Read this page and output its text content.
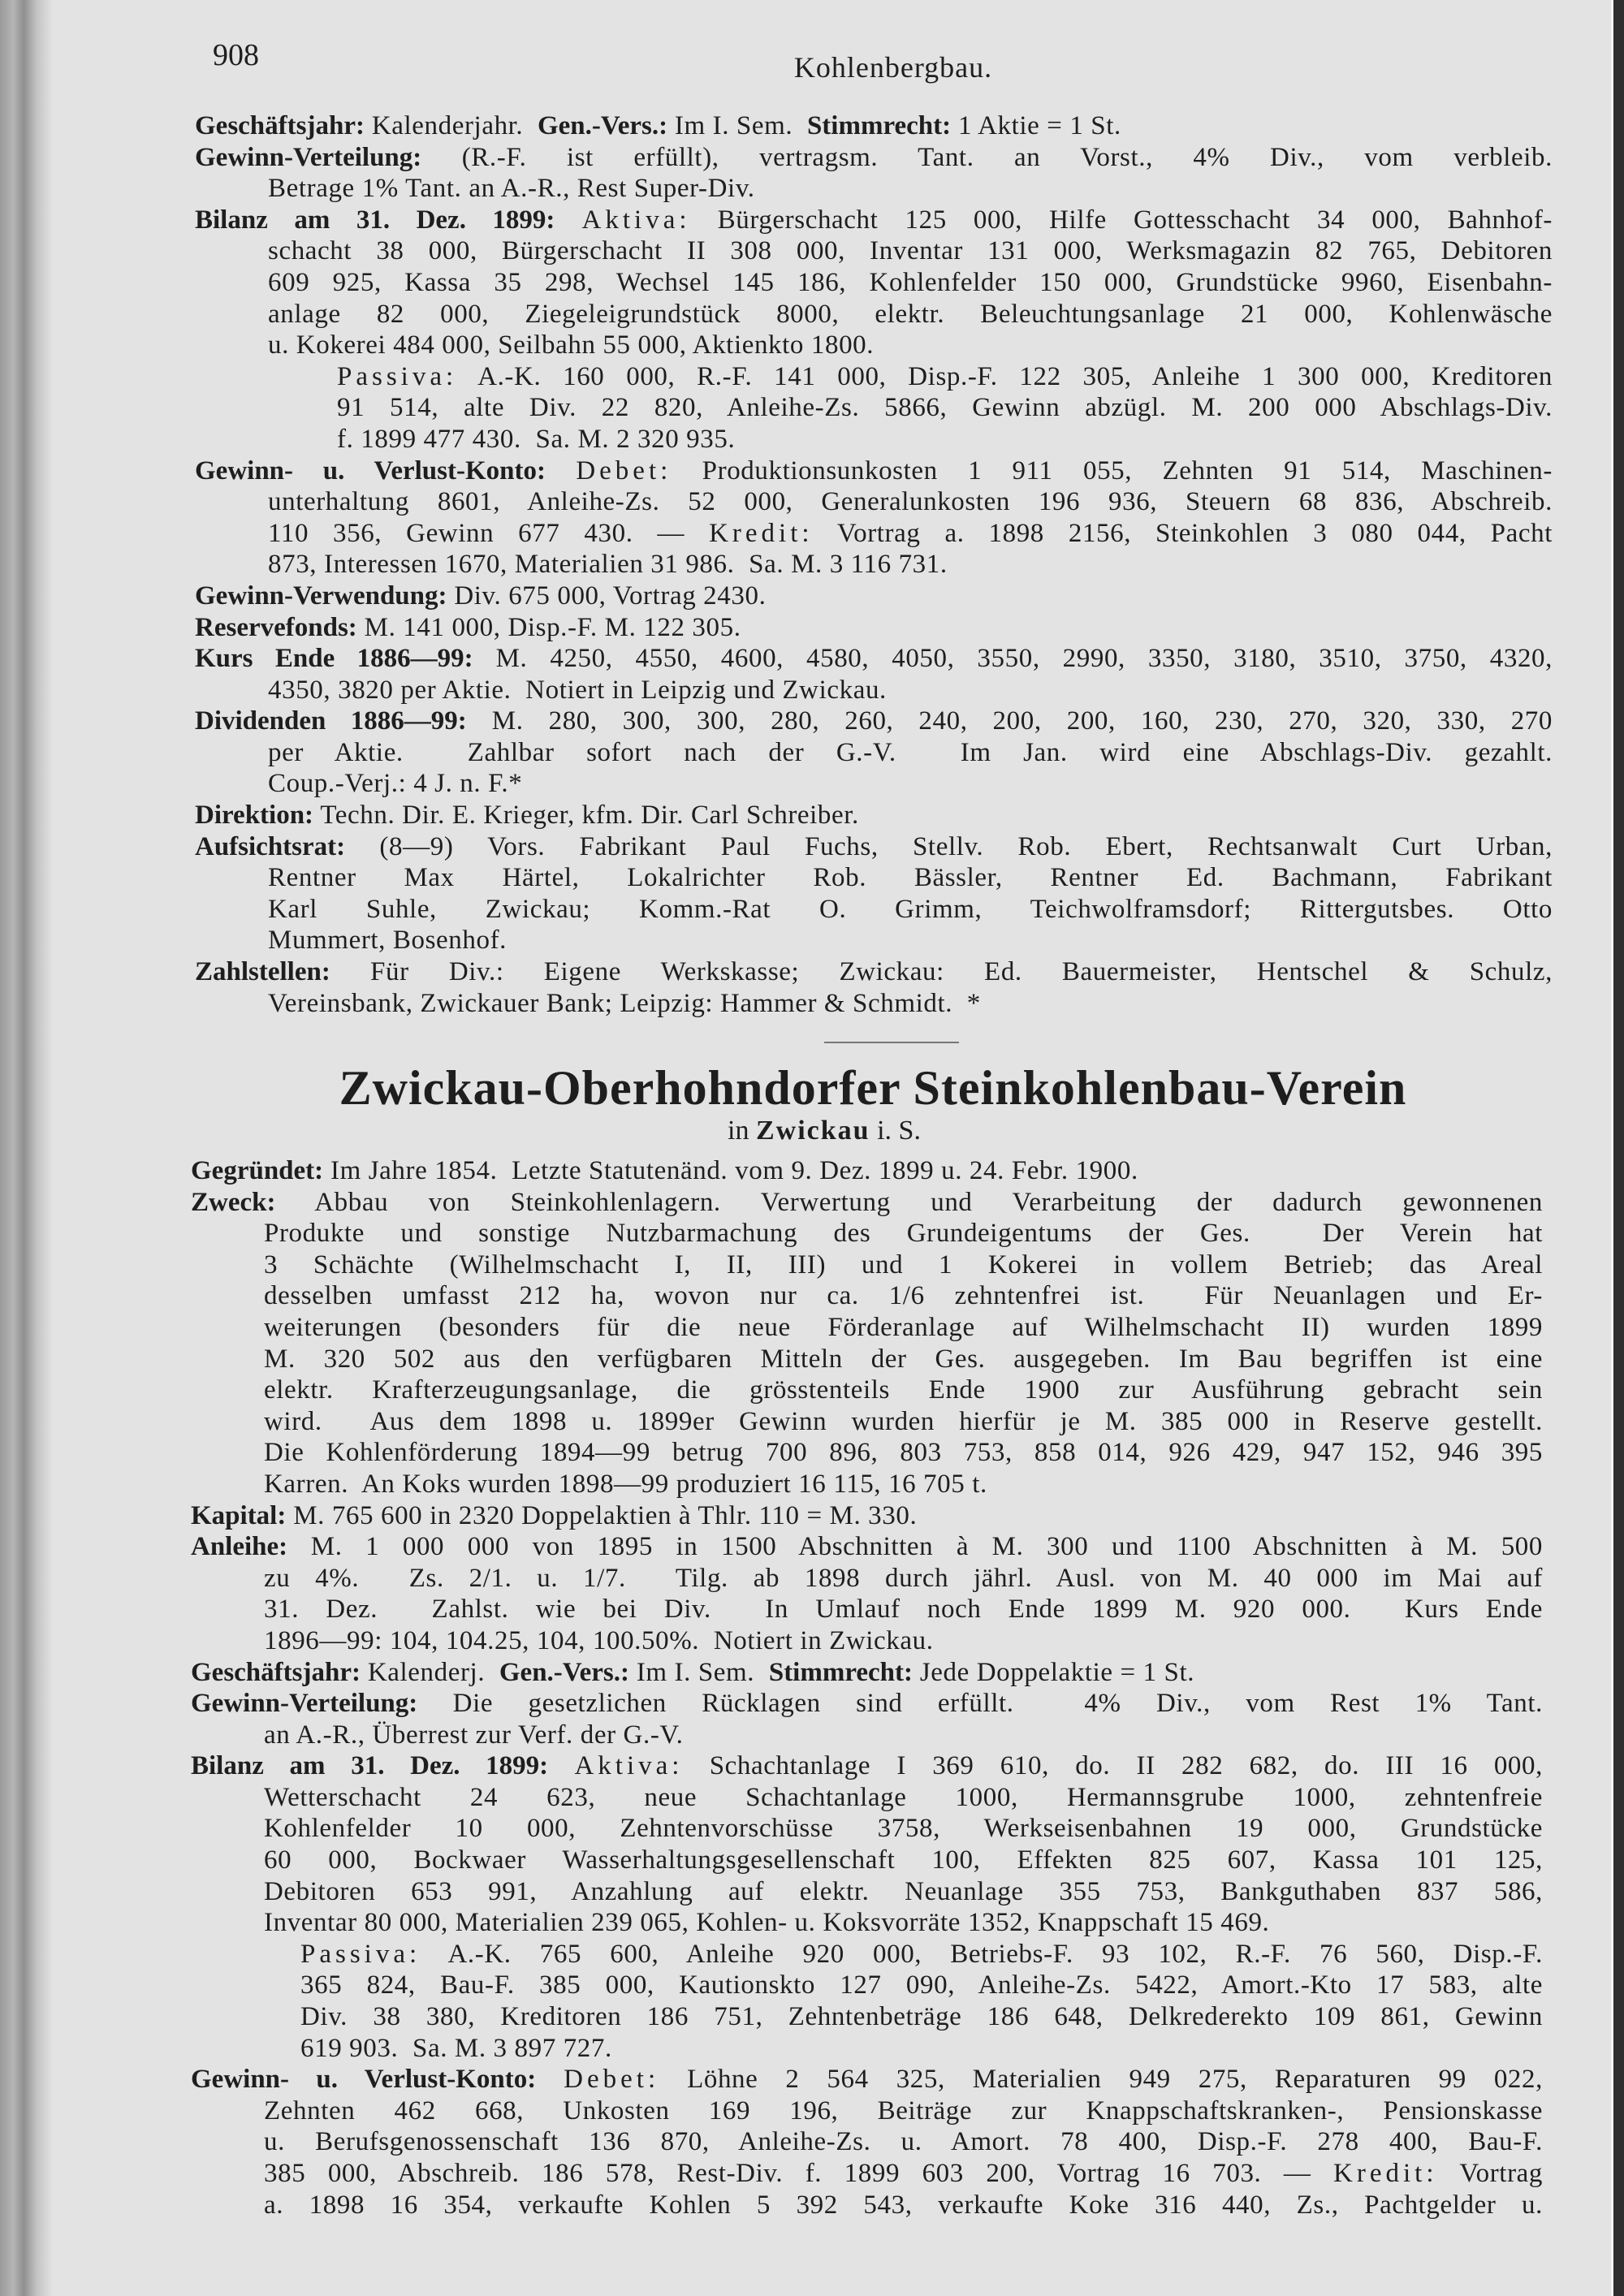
908	Kohlenbergbau.
Geschäftsjahr: Kalenderjahr.  Gen.-Vers.: Im I. Sem.  Stimmrecht: 1 Aktie = 1 St.
Gewinn-Verteilung: (R.-F. ist erfüllt), vertragsm. Tant. an Vorst., 4% Div., vom verbleib.
Betrage 1% Tant. an A.-R., Rest Super-Div.
Bilanz am 31. Dez. 1899: Aktiva: Bürgerschacht 125 000, Hilfe Gottesschacht 34 000, Bahnhof-
schacht 38 000, Bürgerschacht II 308 000, Inventar 131 000, Werksmagazin 82 765, Debitoren
609 925, Kassa 35 298, Wechsel 145 186, Kohlenfelder 150 000, Grundstücke 9960, Eisenbahn-
anlage 82 000, Ziegeleigrundstück 8000, elektr. Beleuchtungsanlage 21 000, Kohlenwäsche
u. Kokerei 484 000, Seilbahn 55 000, Aktienkto 1800.
Passiva: A.-K. 160 000, R.-F. 141 000, Disp.-F. 122 305, Anleihe 1 300 000, Kreditoren
91 514, alte Div. 22 820, Anleihe-Zs. 5866, Gewinn abzügl. M. 200 000 Abschlags-Div.
f. 1899 477 430.  Sa. M. 2 320 935.
Gewinn- u. Verlust-Konto: Debet: Produktionsunkosten 1 911 055, Zehnten 91 514, Maschinen-
unterhaltung 8601, Anleihe-Zs. 52 000, Generalunkosten 196 936, Steuern 68 836, Abschreib.
110 356, Gewinn 677 430. — Kredit: Vortrag a. 1898 2156, Steinkohlen 3 080 044, Pacht
873, Interessen 1670, Materialien 31 986.  Sa. M. 3 116 731.
Gewinn-Verwendung: Div. 675 000, Vortrag 2430.
Reservefonds: M. 141 000, Disp.-F. M. 122 305.
Kurs Ende 1886—99: M. 4250, 4550, 4600, 4580, 4050, 3550, 2990, 3350, 3180, 3510, 3750, 4320,
4350, 3820 per Aktie.  Notiert in Leipzig und Zwickau.
Dividenden 1886—99: M. 280, 300, 300, 280, 260, 240, 200, 200, 160, 230, 270, 320, 330, 270
per Aktie.  Zahlbar sofort nach der G.-V.  Im Jan. wird eine Abschlags-Div. gezahlt.
Coup.-Verj.: 4 J. n. F.*
Direktion: Techn. Dir. E. Krieger, kfm. Dir. Carl Schreiber.
Aufsichtsrat: (8—9) Vors. Fabrikant Paul Fuchs, Stellv. Rob. Ebert, Rechtsanwalt Curt Urban,
Rentner Max Härtel, Lokalrichter Rob. Bässler, Rentner Ed. Bachmann, Fabrikant
Karl Suhle, Zwickau; Komm.-Rat O. Grimm, Teichwolframsdorf; Rittergutsbes. Otto
Mummert, Bosenhof.
Zahlstellen: Für Div.: Eigene Werkskasse; Zwickau: Ed. Bauermeister, Hentschel & Schulz,
Vereinsbank, Zwickauer Bank; Leipzig: Hammer & Schmidt.  *
Zwickau-Oberhohndorfer Steinkohlenbau-Verein
in Zwickau i. S.
Gegründet: Im Jahre 1854.  Letzte Statutenänd. vom 9. Dez. 1899 u. 24. Febr. 1900.
Zweck: Abbau von Steinkohlenlagern. Verwertung und Verarbeitung der dadurch gewonnenen
Produkte und sonstige Nutzbarmachung des Grundeigentums der Ges.  Der Verein hat
3 Schächte (Wilhelmschacht I, II, III) und 1 Kokerei in vollem Betrieb; das Areal
desselben umfasst 212 ha, wovon nur ca. 1/6 zehntenfrei ist.  Für Neuanlagen und Er-
weiterungen (besonders für die neue Förderanlage auf Wilhelmschacht II) wurden 1899
M. 320 502 aus den verfügbaren Mitteln der Ges. ausgegeben. Im Bau begriffen ist eine
elektr. Krafterzeugungsanlage, die grösstenteils Ende 1900 zur Ausführung gebracht sein
wird.  Aus dem 1898 u. 1899er Gewinn wurden hierfür je M. 385 000 in Reserve gestellt.
Die Kohlenförderung 1894—99 betrug 700 896, 803 753, 858 014, 926 429, 947 152, 946 395
Karren.  An Koks wurden 1898—99 produziert 16 115, 16 705 t.
Kapital: M. 765 600 in 2320 Doppelaktien à Thlr. 110 = M. 330.
Anleihe: M. 1 000 000 von 1895 in 1500 Abschnitten à M. 300 und 1100 Abschnitten à M. 500
zu 4%.  Zs. 2/1. u. 1/7.  Tilg. ab 1898 durch jährl. Ausl. von M. 40 000 im Mai auf
31. Dez.  Zahlst. wie bei Div.  In Umlauf noch Ende 1899 M. 920 000.  Kurs Ende
1896—99: 104, 104.25, 104, 100.50%.  Notiert in Zwickau.
Geschäftsjahr: Kalenderj.  Gen.-Vers.: Im I. Sem.  Stimmrecht: Jede Doppelaktie = 1 St.
Gewinn-Verteilung: Die gesetzlichen Rücklagen sind erfüllt.  4% Div., vom Rest 1% Tant.
an A.-R., Überrest zur Verf. der G.-V.
Bilanz am 31. Dez. 1899: Aktiva: Schachtanlage I 369 610, do. II 282 682, do. III 16 000,
Wetterschacht 24 623, neue Schachtanlage 1000, Hermannsgrube 1000, zehntenfreie
Kohlenfelder 10 000, Zehntenvorschüsse 3758, Werkseisenbahnen 19 000, Grundstücke
60 000, Bockwaer Wasserhaltungsgesellenschaft 100, Effekten 825 607, Kassa 101 125,
Debitoren 653 991, Anzahlung auf elektr. Neuanlage 355 753, Bankguthaben 837 586,
Inventar 80 000, Materialien 239 065, Kohlen- u. Koksvorräte 1352, Knappschaft 15 469.
Passiva: A.-K. 765 600, Anleihe 920 000, Betriebs-F. 93 102, R.-F. 76 560, Disp.-F.
365 824, Bau-F. 385 000, Kautionskto 127 090, Anleihe-Zs. 5422, Amort.-Kto 17 583, alte
Div. 38 380, Kreditoren 186 751, Zehntenbeträge 186 648, Delkrederekto 109 861, Gewinn
619 903.  Sa. M. 3 897 727.
Gewinn- u. Verlust-Konto: Debet: Löhne 2 564 325, Materialien 949 275, Reparaturen 99 022,
Zehnten 462 668, Unkosten 169 196, Beiträge zur Knappschaftskranken-, Pensionskasse
u. Berufsgenossenschaft 136 870, Anleihe-Zs. u. Amort. 78 400, Disp.-F. 278 400, Bau-F.
385 000, Abschreib. 186 578, Rest-Div. f. 1899 603 200, Vortrag 16 703. — Kredit: Vortrag
a. 1898 16 354, verkaufte Kohlen 5 392 543, verkaufte Koke 316 440, Zs., Pachtgelder u.
